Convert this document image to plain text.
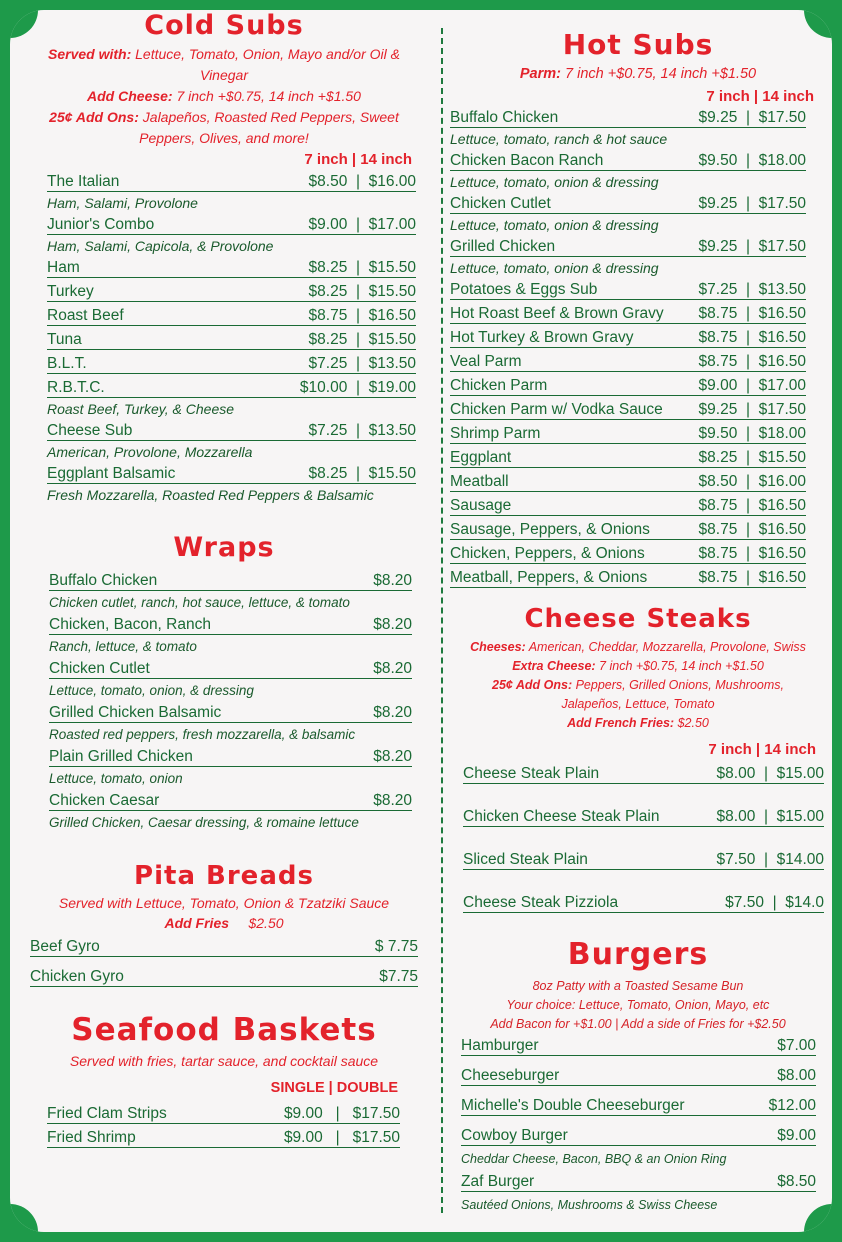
Cold Subs
Served with: Lettuce, Tomato, Onion, Mayo and/or Oil & Vinegar
Add Cheese: 7 inch +$0.75, 14 inch +$1.50
25¢ Add Ons: Jalapeños, Roasted Red Peppers, Sweet Peppers, Olives, and more!
7 inch | 14 inch
The Italian	$8.50  |  $16.00
Ham, Salami, Provolone
Junior's Combo	$9.00  |  $17.00
Ham, Salami, Capicola, & Provolone
Ham	$8.25  |  $15.50
Turkey	$8.25  |  $15.50
Roast Beef	$8.75  |  $16.50
Tuna	$8.25  |  $15.50
B.L.T.	$7.25  |  $13.50
R.B.T.C.	$10.00  |  $19.00
Roast Beef, Turkey, & Cheese
Cheese Sub	$7.25  |  $13.50
American, Provolone, Mozzarella
Eggplant Balsamic	$8.25  |  $15.50
Fresh Mozzarella, Roasted Red Peppers & Balsamic
Wraps
Buffalo Chicken	$8.20
Chicken cutlet, ranch, hot sauce, lettuce, & tomato
Chicken, Bacon, Ranch	$8.20
Ranch, lettuce, & tomato
Chicken Cutlet	$8.20
Lettuce, tomato, onion, & dressing
Grilled Chicken Balsamic	$8.20
Roasted red peppers, fresh mozzarella, & balsamic
Plain Grilled Chicken	$8.20
Lettuce, tomato, onion
Chicken Caesar	$8.20
Grilled Chicken, Caesar dressing, & romaine lettuce
Pita Breads
Served with Lettuce, Tomato, Onion & Tzatziki Sauce
Add Fries $2.50
Beef Gyro	$ 7.75
Chicken Gyro	$7.75
Seafood Baskets
Served with fries, tartar sauce, and cocktail sauce
SINGLE | DOUBLE
Fried Clam Strips	$9.00   |   $17.50
Fried Shrimp	$9.00   |   $17.50
Hot Subs
Parm: 7 inch +$0.75, 14 inch +$1.50
7 inch | 14 inch
Buffalo Chicken	$9.25  |  $17.50
Lettuce, tomato, ranch & hot sauce
Chicken Bacon Ranch	$9.50  |  $18.00
Lettuce, tomato, onion & dressing
Chicken Cutlet	$9.25  |  $17.50
Lettuce, tomato, onion & dressing
Grilled Chicken	$9.25  |  $17.50
Lettuce, tomato, onion & dressing
Potatoes & Eggs Sub	$7.25  |  $13.50
Hot Roast Beef & Brown Gravy $8.75  |  $16.50
Hot Turkey & Brown Gravy	$8.75  |  $16.50
Veal Parm	$8.75  |  $16.50
Chicken Parm	$9.00  |  $17.00
Chicken Parm w/ Vodka Sauce $9.25  |  $17.50
Shrimp Parm	$9.50  |  $18.00
Eggplant	$8.25  |  $15.50
Meatball	$8.50  |  $16.00
Sausage	$8.75  |  $16.50
Sausage, Peppers, & Onions	$8.75  |  $16.50
Chicken, Peppers, & Onions	$8.75  |  $16.50
Meatball, Peppers, & Onions	$8.75  |  $16.50
Cheese Steaks
Cheeses: American, Cheddar, Mozzarella, Provolone, Swiss
Extra Cheese: 7 inch +$0.75, 14 inch +$1.50
25¢ Add Ons: Peppers, Grilled Onions, Mushrooms, Jalapeños, Lettuce, Tomato
Add French Fries: $2.50
7 inch | 14 inch
Cheese Steak Plain	$8.00  |  $15.00
Chicken Cheese Steak Plain	$8.00  |  $15.00
Sliced Steak Plain	$7.50  |  $14.00
Cheese Steak Pizziola	$7.50  |  $14.0
Burgers
8oz Patty with a Toasted Sesame Bun
Your choice: Lettuce, Tomato, Onion, Mayo, etc
Add Bacon for +$1.00 | Add a side of Fries for +$2.50
Hamburger	$7.00
Cheeseburger	$8.00
Michelle's Double Cheeseburger	$12.00
Cowboy Burger	$9.00
Cheddar Cheese, Bacon, BBQ & an Onion Ring
Zaf Burger	$8.50
Sautéed Onions, Mushrooms & Swiss Cheese
